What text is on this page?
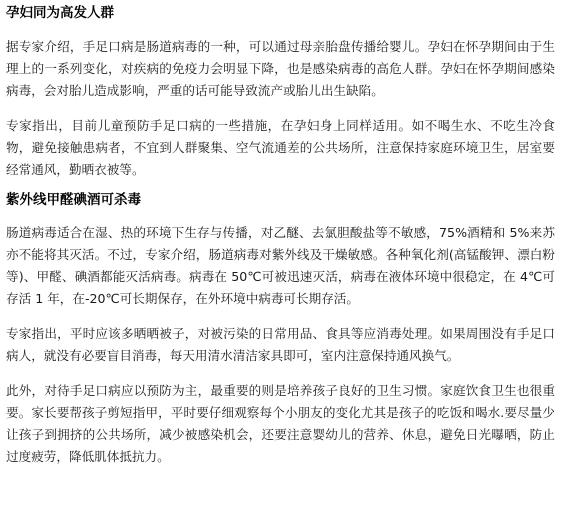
孕妇同为高发人群

据专家介绍，手足口病是肠道病毒的一种，可以通过母亲胎盘传播给婴儿。孕妇在怀孕期间由于生理上的一系列变化，对疾病的免疫力会明显下降，也是感染病毒的高危人群。孕妇在怀孕期间感染病毒，会对胎儿造成影响，严重的话可能导致流产或胎儿出生缺陷。

专家指出，目前儿童预防手足口病的一些措施，在孕妇身上同样适用。如不喝生水、不吃生冷食物，避免接触患病者，不宜到人群聚集、空气流通差的公共场所，注意保持家庭环境卫生，居室要经常通风，勤晒衣被等。

紫外线甲醛碘酒可杀毒

肠道病毒适合在湿、热的环境下生存与传播，对乙醚、去氯胆酸盐等不敏感，75%酒精和 5%来苏亦不能将其灭活。不过，专家介绍，肠道病毒对紫外线及干燥敏感。各种氧化剂(高锰酸钾、漂白粉等)、甲醛、碘酒都能灭活病毒。病毒在 50℃可被迅速灭活，病毒在液体环境中很稳定，在 4℃可存活 1 年，在-20℃可长期保存，在外环境中病毒可长期存活。

专家指出，平时应该多晒晒被子，对被污染的日常用品、食具等应消毒处理。如果周围没有手足口病人，就没有必要盲目消毒，每天用清水清洁家具即可，室内注意保持通风换气。

此外，对待手足口病应以预防为主，最重要的则是培养孩子良好的卫生习惯。家庭饮食卫生也很重要。家长要帮孩子剪短指甲，平时要仔细观察每个小朋友的变化尤其是孩子的吃饭和喝水.要尽量少让孩子到拥挤的公共场所，减少被感染机会，还要注意婴幼儿的营养、休息，避免日光曝晒，防止过度疲劳，降低肌体抵抗力。
